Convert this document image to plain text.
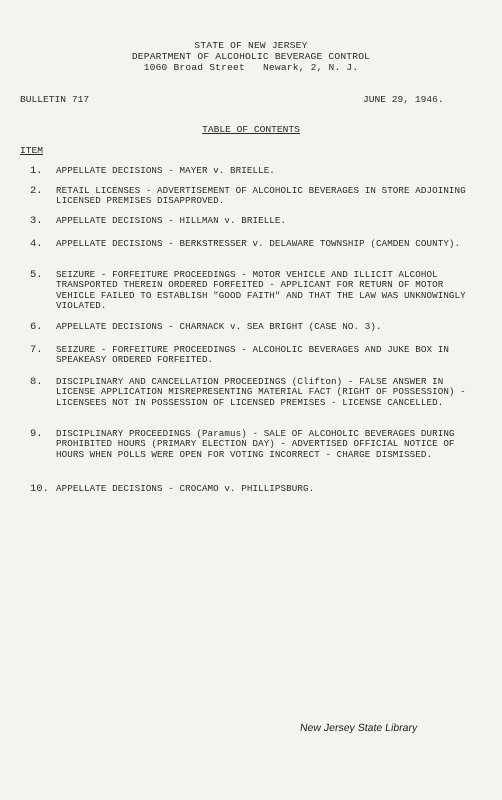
STATE OF NEW JERSEY
DEPARTMENT OF ALCOHOLIC BEVERAGE CONTROL
1060 Broad Street Newark, 2, N. J.
BULLETIN 717	JUNE 29, 1946.
TABLE OF CONTENTS
ITEM
1.	APPELLATE DECISIONS - MAYER v. BRIELLE.
2.	RETAIL LICENSES - ADVERTISEMENT OF ALCOHOLIC BEVERAGES IN STORE ADJOINING LICENSED PREMISES DISAPPROVED.
3.	APPELLATE DECISIONS - HILLMAN v. BRIELLE.
4.	APPELLATE DECISIONS - BERKSTRESSER v. DELAWARE TOWNSHIP (CAMDEN COUNTY).
5.	SEIZURE - FORFEITURE PROCEEDINGS - MOTOR VEHICLE AND ILLICIT ALCOHOL TRANSPORTED THEREIN ORDERED FORFEITED - APPLICANT FOR RETURN OF MOTOR VEHICLE FAILED TO ESTABLISH "GOOD FAITH" AND THAT THE LAW WAS UNKNOWINGLY VIOLATED.
6.	APPELLATE DECISIONS - CHARNACK v. SEA BRIGHT (CASE NO. 3).
7.	SEIZURE - FORFEITURE PROCEEDINGS - ALCOHOLIC BEVERAGES AND JUKE BOX IN SPEAKEASY ORDERED FORFEITED.
8.	DISCIPLINARY AND CANCELLATION PROCEEDINGS (Clifton) - FALSE ANSWER IN LICENSE APPLICATION MISREPRESENTING MATERIAL FACT (RIGHT OF POSSESSION) - LICENSEES NOT IN POSSESSION OF LICENSED PREMISES - LICENSE CANCELLED.
9.	DISCIPLINARY PROCEEDINGS (Paramus) - SALE OF ALCOHOLIC BEVERAGES DURING PROHIBITED HOURS (PRIMARY ELECTION DAY) - ADVERTISED OFFICIAL NOTICE OF HOURS WHEN POLLS WERE OPEN FOR VOTING INCORRECT - CHARGE DISMISSED.
10. APPELLATE DECISIONS - CROCAMO v. PHILLIPSBURG.
New Jersey State Library
